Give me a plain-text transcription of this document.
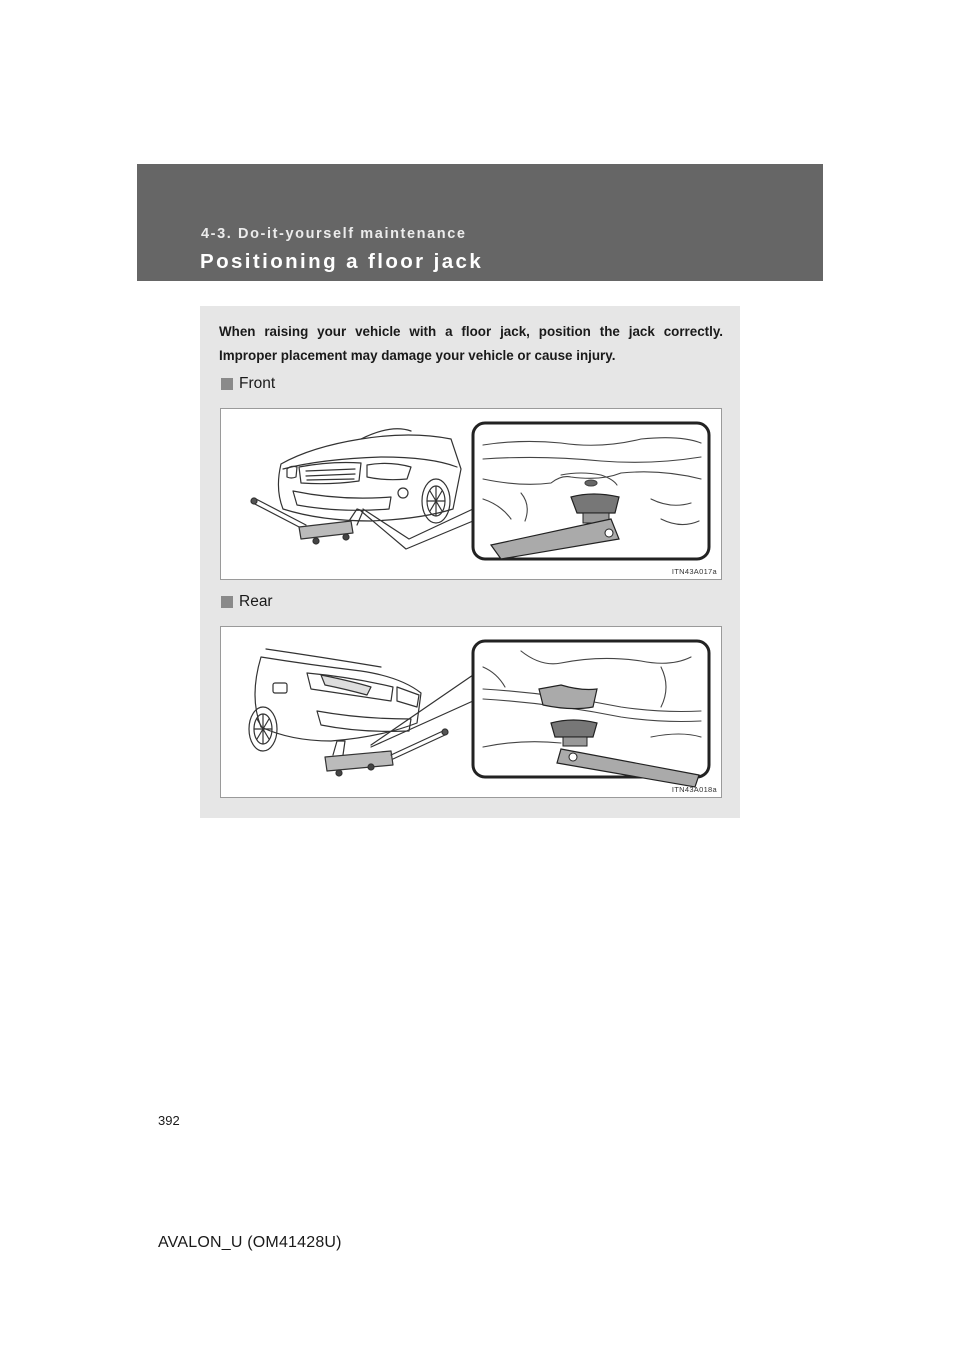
4-3. Do-it-yourself maintenance
Positioning a floor jack

When raising your vehicle with a floor jack, position the jack correctly. Improper placement may damage your vehicle or cause injury.

Front
ITN43A017a
Rear
ITN43A018a
392
AVALON_U (OM41428U)
